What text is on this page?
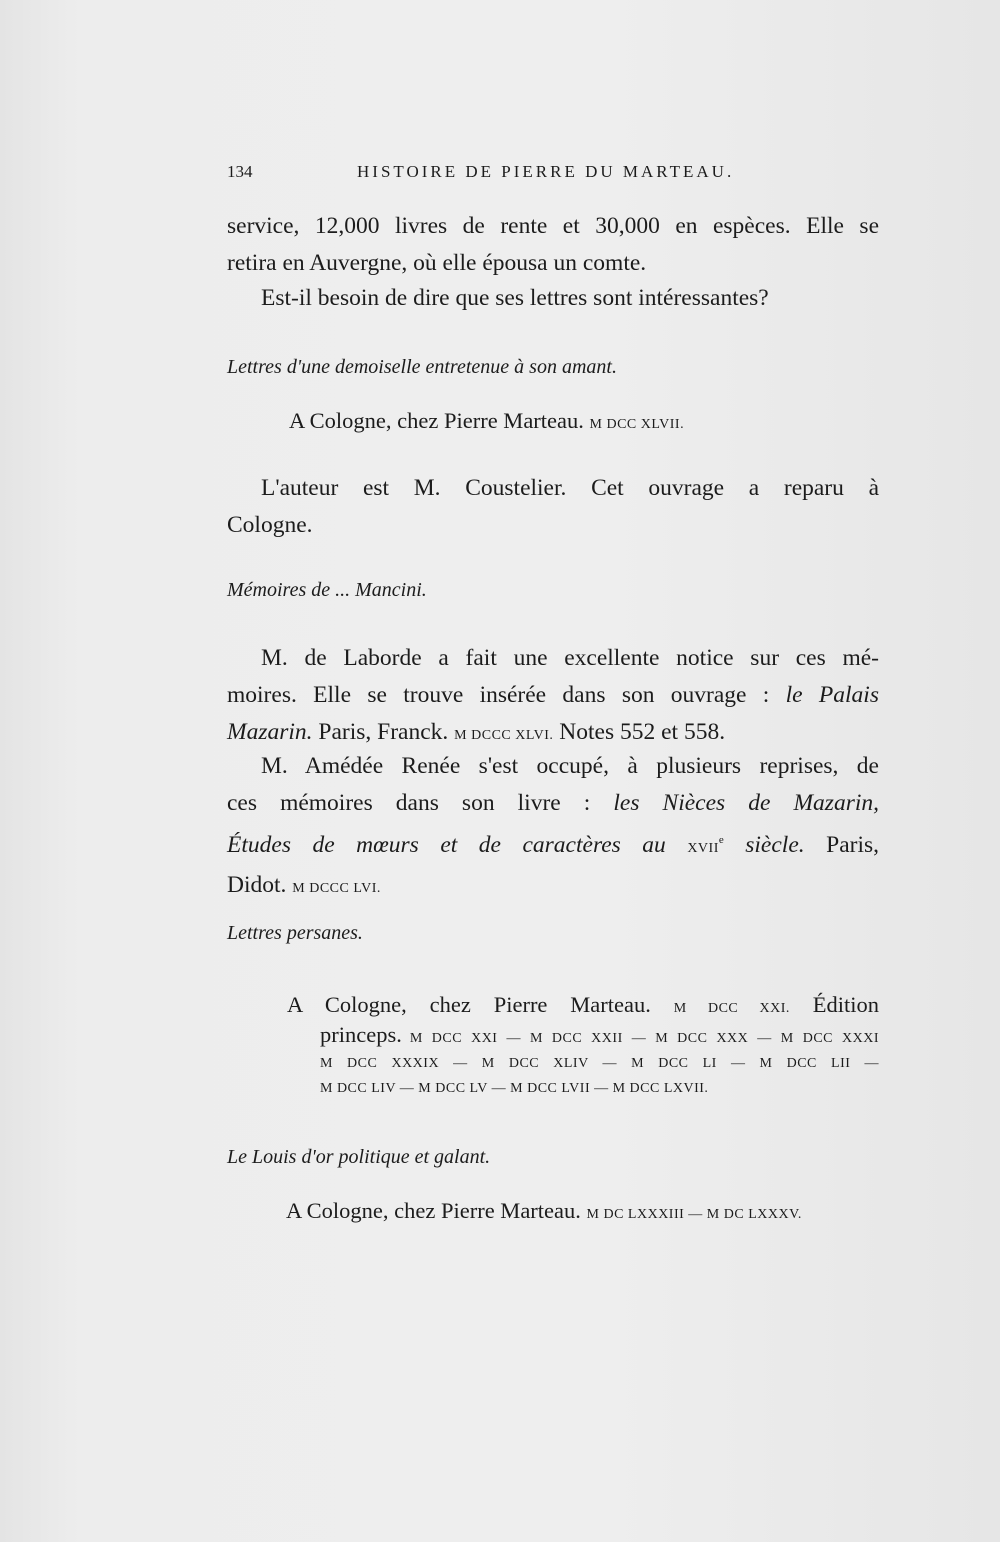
134	HISTOIRE DE PIERRE DU MARTEAU.
service, 12,000 livres de rente et 30,000 en espèces. Elle se
retira en Auvergne, où elle épousa un comte.
Est-il besoin de dire que ses lettres sont intéressantes?
Lettres d'une demoiselle entretenue à son amant.
A Cologne, chez Pierre Marteau. M DCC XLVII.
L'auteur est M. Coustelier. Cet ouvrage a reparu à
Cologne.
Mémoires de ... Mancini.
M. de Laborde a fait une excellente notice sur ces mé-
moires. Elle se trouve insérée dans son ouvrage : le Palais
Mazarin. Paris, Franck. M DCCC XLVI. Notes 552 et 558.
M. Amédée Renée s'est occupé, à plusieurs reprises, de
ces mémoires dans son livre : les Nièces de Mazarin,
Études de mœurs et de caractères au XVIIe siècle. Paris,
Didot. M DCCC LVI.
Lettres persanes.
A Cologne, chez Pierre Marteau. M DCC XXI. Édition
princeps. M DCC XXI — M DCC XXII — M DCC XXX — M DCC XXXI
M DCC XXXIX — M DCC XLIV — M DCC LI — M DCC LII —
M DCC LIV — M DCC LV — M DCC LVII — M DCC LXVII.
Le Louis d'or politique et galant.
A Cologne, chez Pierre Marteau. M DC LXXXIII — M DC LXXXV.
